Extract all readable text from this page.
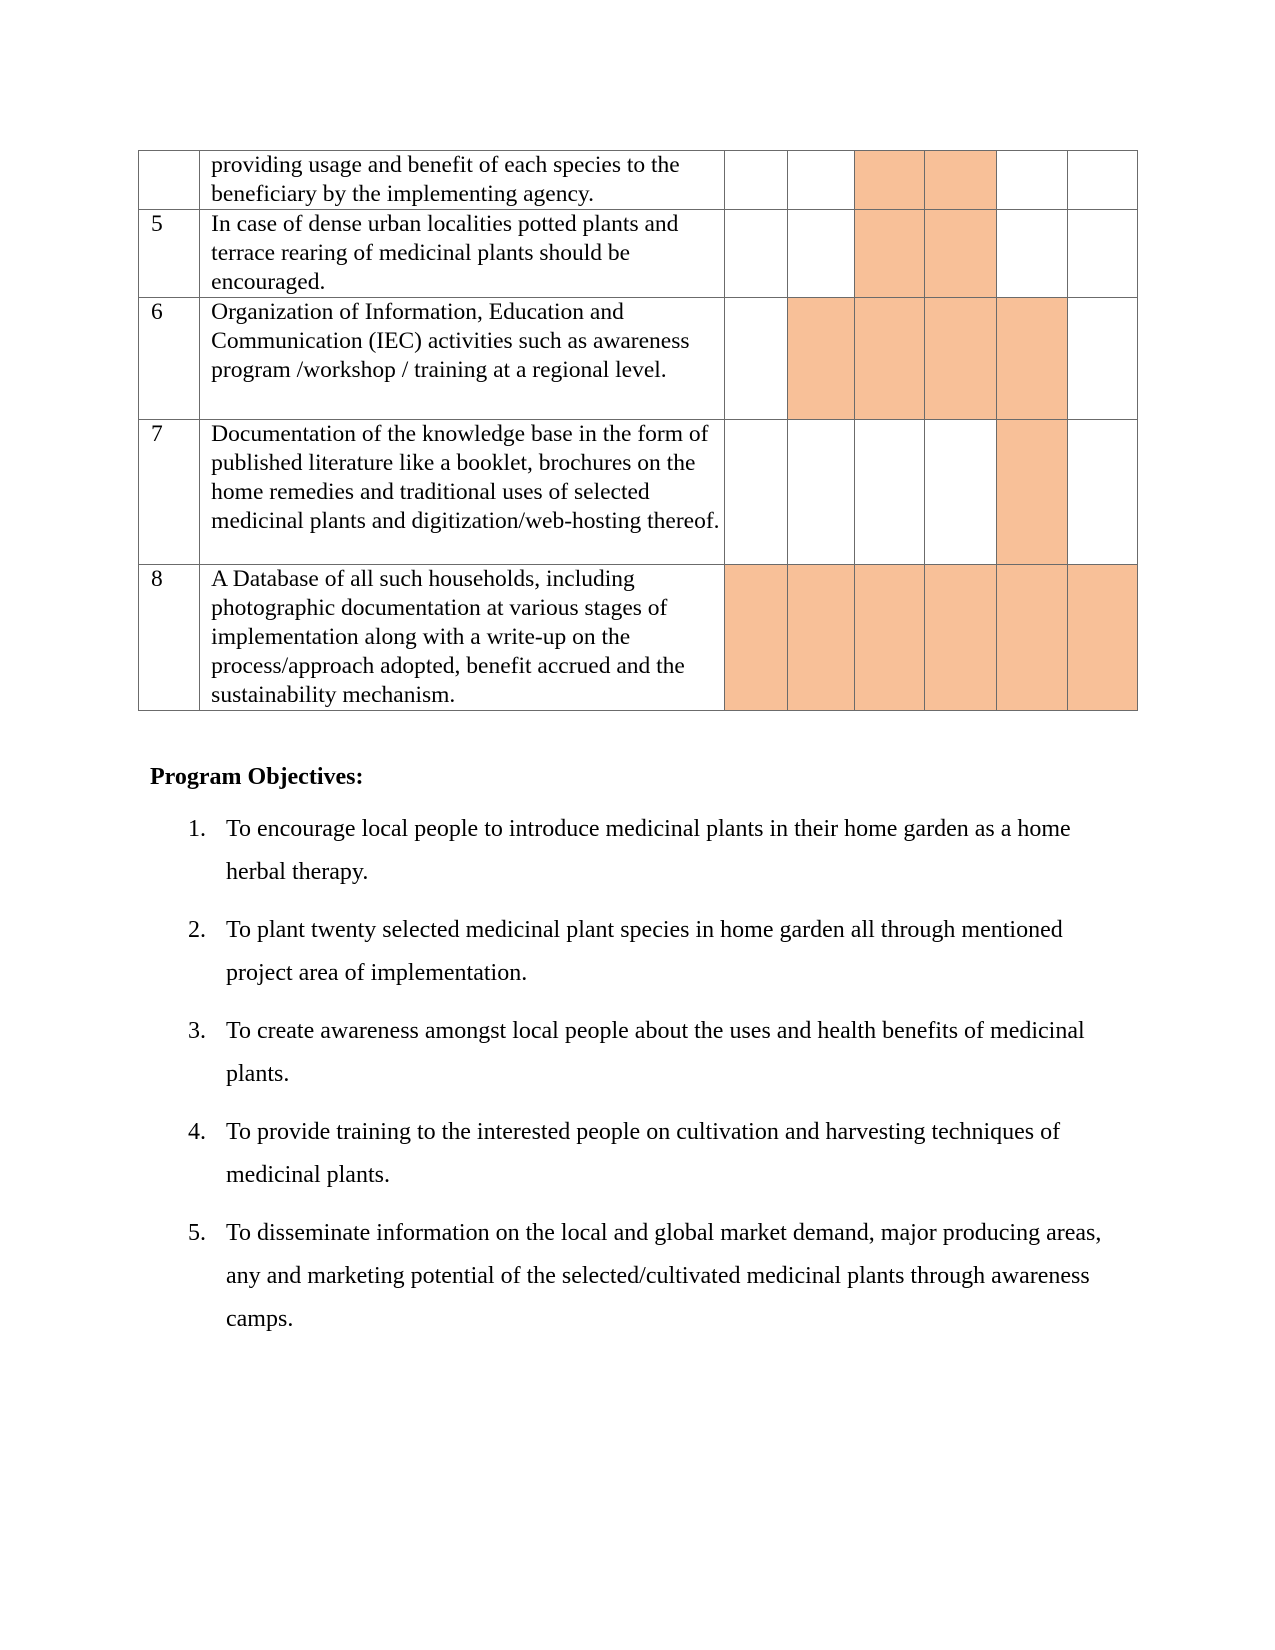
	providing usage and benefit of each species to the beneficiary by the implementing agency.						
5	In case of dense urban localities potted plants and terrace rearing of medicinal plants should be encouraged.						
6	Organization of Information, Education and Communication (IEC) activities such as awareness program /workshop / training at a regional level.						
7	Documentation of the knowledge base in the form of published literature like a booklet, brochures on the home remedies and traditional uses of selected medicinal plants and digitization/web-hosting thereof.						
8	A Database of all such households, including photographic documentation at various stages of implementation along with a write-up on the process/approach adopted, benefit accrued and the sustainability mechanism.						
Program Objectives:
1. To encourage local people to introduce medicinal plants in their home garden as a home herbal therapy.
2. To plant twenty selected medicinal plant species in home garden all through mentioned project area of implementation.
3. To create awareness amongst local people about the uses and health benefits of medicinal plants.
4. To provide training to the interested people on cultivation and harvesting techniques of medicinal plants.
5. To disseminate information on the local and global market demand, major producing areas, any and marketing potential of the selected/cultivated medicinal plants through awareness camps.
